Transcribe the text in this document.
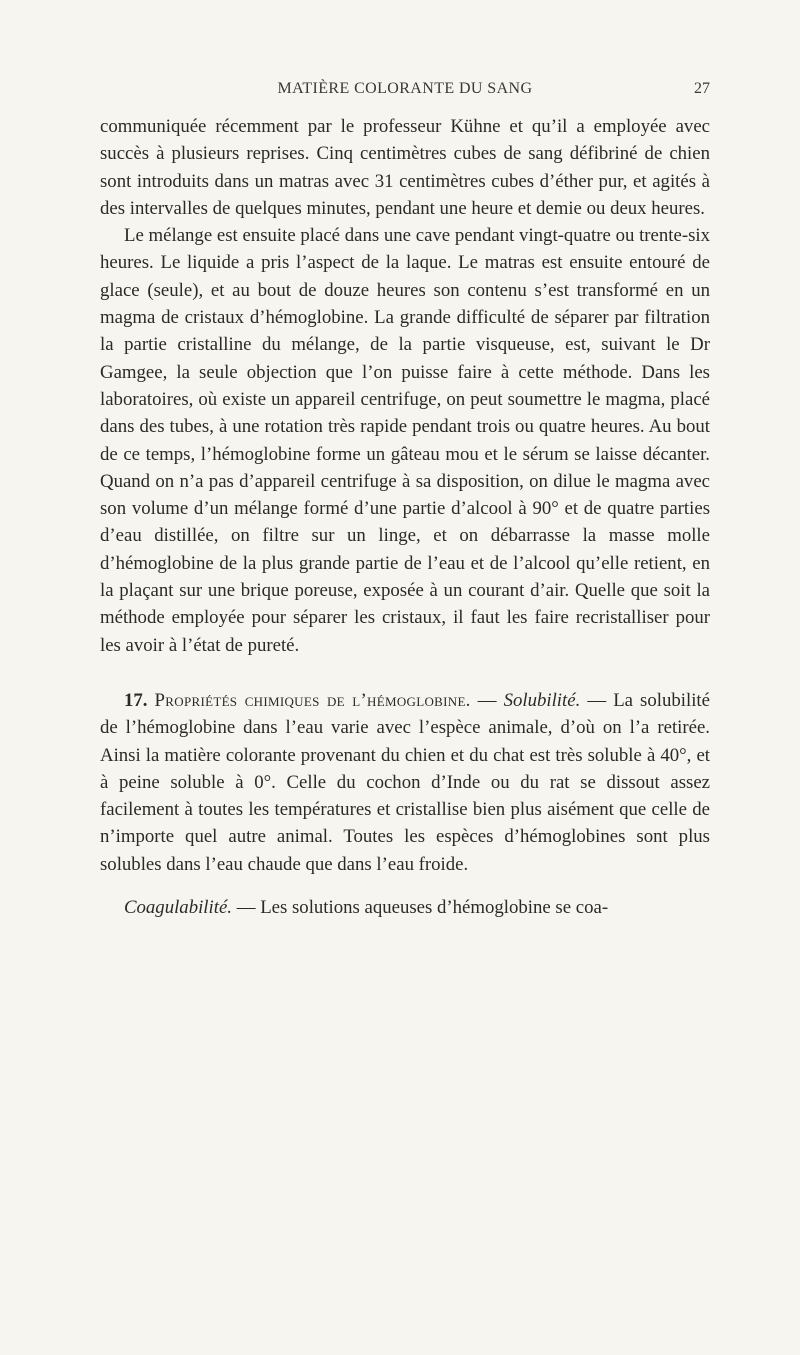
MATIÈRE COLORANTE DU SANG	27

communiquée récemment par le professeur Kühne et qu’il a employée avec succès à plusieurs reprises. Cinq centimètres cubes de sang défibriné de chien sont introduits dans un matras avec 31 centimètres cubes d’éther pur, et agités à des intervalles de quelques minutes, pendant une heure et demie ou deux heures.

Le mélange est ensuite placé dans une cave pendant vingt-quatre ou trente-six heures. Le liquide a pris l’aspect de la laque. Le matras est ensuite entouré de glace (seule), et au bout de douze heures son contenu s’est transformé en un magma de cristaux d’hémoglobine. La grande difficulté de séparer par filtration la partie cristalline du mélange, de la partie visqueuse, est, suivant le Dr Gamgee, la seule objection que l’on puisse faire à cette méthode. Dans les laboratoires, où existe un appareil centrifuge, on peut soumettre le magma, placé dans des tubes, à une rotation très rapide pendant trois ou quatre heures. Au bout de ce temps, l’hémoglobine forme un gâteau mou et le sérum se laisse décanter. Quand on n’a pas d’appareil centrifuge à sa disposition, on dilue le magma avec son volume d’un mélange formé d’une partie d’alcool à 90° et de quatre parties d’eau distillée, on filtre sur un linge, et on débarrasse la masse molle d’hémoglobine de la plus grande partie de l’eau et de l’alcool qu’elle retient, en la plaçant sur une brique poreuse, exposée à un courant d’air. Quelle que soit la méthode employée pour séparer les cristaux, il faut les faire recristalliser pour les avoir à l’état de pureté.

17. Propriétés chimiques de l’hémoglobine. — Solubilité. — La solubilité de l’hémoglobine dans l’eau varie avec l’espèce animale, d’où on l’a retirée. Ainsi la matière colorante provenant du chien et du chat est très soluble à 40°, et à peine soluble à 0°. Celle du cochon d’Inde ou du rat se dissout assez facilement à toutes les températures et cristallise bien plus aisément que celle de n’importe quel autre animal. Toutes les espèces d’hémoglobines sont plus solubles dans l’eau chaude que dans l’eau froide.

Coagulabilité. — Les solutions aqueuses d’hémoglobine se coa-
